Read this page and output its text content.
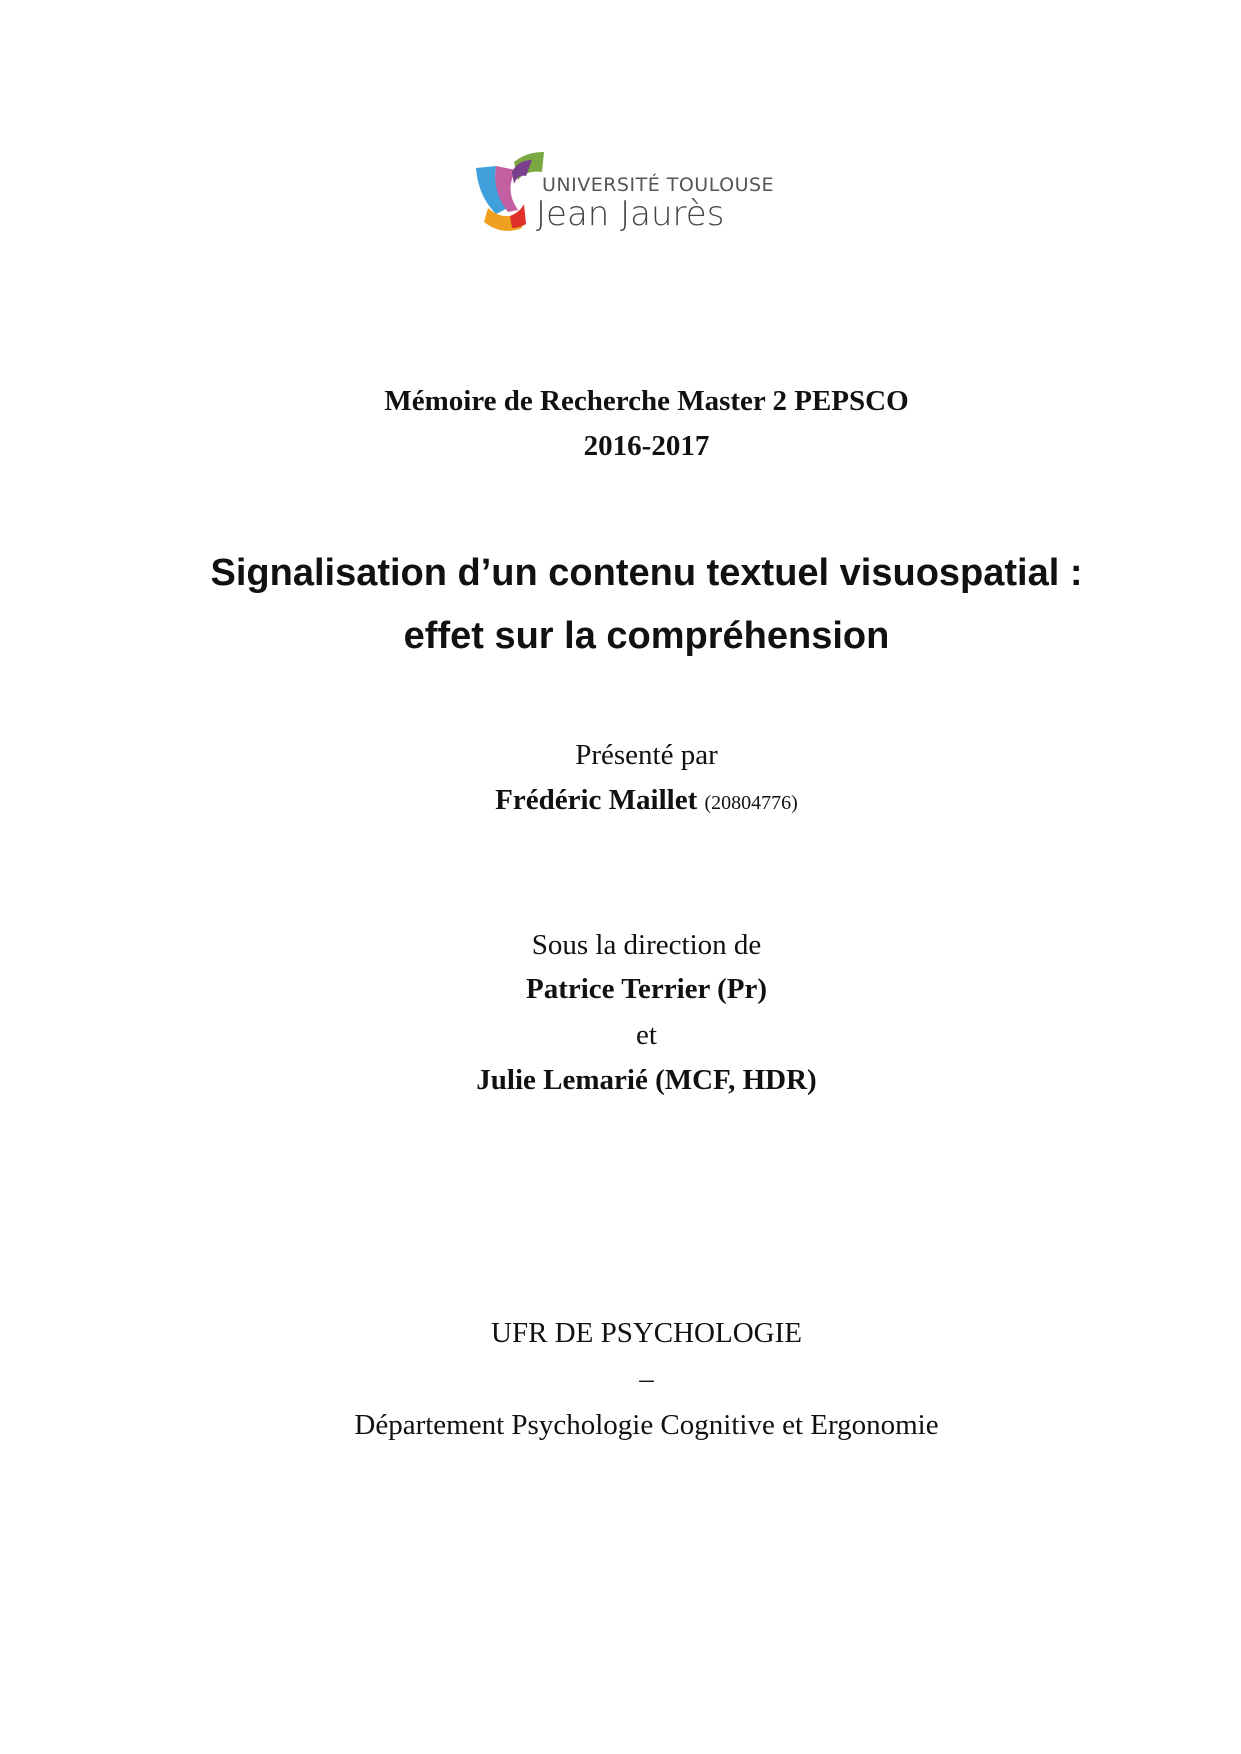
UNIVERSITÉ TOULOUSE
Jean Jaurès
Mémoire de Recherche Master 2 PEPSCO
2016-2017
Signalisation d’un contenu textuel visuospatial :
effet sur la compréhension
Présenté par
Frédéric Maillet (20804776)
Sous la direction de
Patrice Terrier (Pr)
et
Julie Lemarié (MCF, HDR)
UFR DE PSYCHOLOGIE
–
Département Psychologie Cognitive et Ergonomie
